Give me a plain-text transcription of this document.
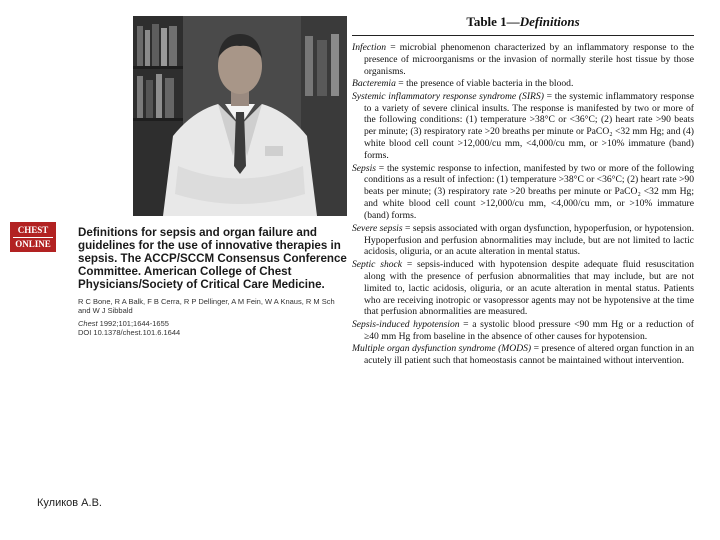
CHEST
ONLINE

Definitions for sepsis and organ failure and
guidelines for the use of innovative therapies in
sepsis. The ACCP/SCCM Consensus Conference
Committee. American College of Chest
Physicians/Society of Critical Care Medicine.

R C Bone, R A Balk, F B Cerra, R P Dellinger, A M Fein, W A Knaus, R M Sch
and W J Sibbald

Chest 1992;101;1644-1655

DOI 10.1378/chest.101.6.1644

Table 1—Definitions
Infection = microbial phenomenon characterized by an inflammatory response to the presence of microorganisms or the invasion of normally sterile host tissue by those organisms.
Bacteremia = the presence of viable bacteria in the blood.
Systemic inflammatory response syndrome (SIRS) = the systemic inflammatory response to a variety of severe clinical insults. The response is manifested by two or more of the following conditions: (1) temperature >38°C or <36°C; (2) heart rate >90 beats per minute; (3) respiratory rate >20 breaths per minute or PaCO₂ <32 mm Hg; and (4) white blood cell count >12,000/cu mm, <4,000/cu mm, or >10% immature (band) forms.
Sepsis = the systemic response to infection, manifested by two or more of the following conditions as a result of infection: (1) temperature >38°C or <36°C; (2) heart rate >90 beats per minute; (3) respiratory rate >20 breaths per minute or PaCO₂ <32 mm Hg; and white blood cell count >12,000/cu mm, <4,000/cu mm, or >10% immature (band) forms.
Severe sepsis = sepsis associated with organ dysfunction, hypoperfusion, or hypotension. Hypoperfusion and perfusion abnormalities may include, but are not limited to lactic acidosis, oliguria, or an acute alteration in mental status.
Septic shock = sepsis-induced with hypotension despite adequate fluid resuscitation along with the presence of perfusion abnormalities that may include, but are not limited to, lactic acidosis, oliguria, or an acute alteration in mental status. Patients who are receiving inotropic or vasopressor agents may not be hypotensive at the time that perfusion abnormalities are measured.
Sepsis-induced hypotension = a systolic blood pressure <90 mm Hg or a reduction of ≥40 mm Hg from baseline in the absence of other causes for hypotension.
Multiple organ dysfunction syndrome (MODS) = presence of altered organ function in an acutely ill patient such that homeostasis cannot be maintained without intervention.
Куликов А.В.
